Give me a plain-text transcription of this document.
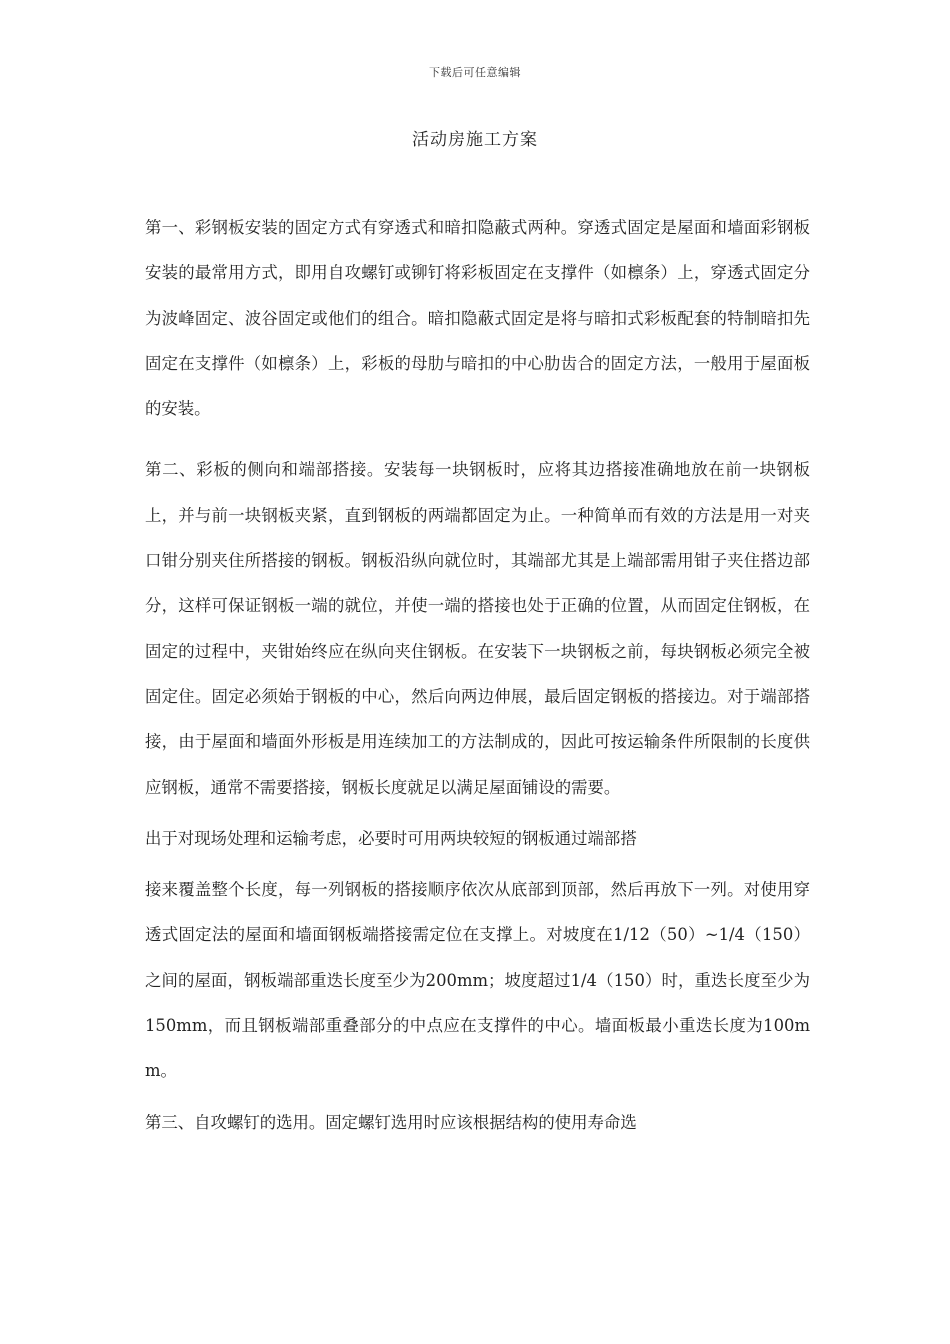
下载后可任意编辑
活动房施工方案

第一、彩钢板安装的固定方式有穿透式和暗扣隐蔽式两种。穿透式固定是屋面和墙面彩钢板安装的最常用方式，即用自攻螺钉或铆钉将彩板固定在支撑件（如檩条）上，穿透式固定分为波峰固定、波谷固定或他们的组合。暗扣隐蔽式固定是将与暗扣式彩板配套的特制暗扣先固定在支撑件（如檩条）上，彩板的母肋与暗扣的中心肋齿合的固定方法，一般用于屋面板的安装。

第二、彩板的侧向和端部搭接。安装每一块钢板时，应将其边搭接准确地放在前一块钢板上，并与前一块钢板夹紧，直到钢板的两端都固定为止。一种简单而有效的方法是用一对夹口钳分别夹住所搭接的钢板。钢板沿纵向就位时，其端部尤其是上端部需用钳子夹住搭边部分，这样可保证钢板一端的就位，并使一端的搭接也处于正确的位置，从而固定住钢板，在固定的过程中，夹钳始终应在纵向夹住钢板。在安装下一块钢板之前，每块钢板必须完全被固定住。固定必须始于钢板的中心，然后向两边伸展，最后固定钢板的搭接边。对于端部搭接，由于屋面和墙面外形板是用连续加工的方法制成的，因此可按运输条件所限制的长度供应钢板，通常不需要搭接，钢板长度就足以满足屋面铺设的需要。

出于对现场处理和运输考虑，必要时可用两块较短的钢板通过端部搭

接来覆盖整个长度，每一列钢板的搭接顺序依次从底部到顶部，然后再放下一列。对使用穿透式固定法的屋面和墙面钢板端搭接需定位在支撑上。对坡度在1/12（50）~1/4（150）之间的屋面，钢板端部重迭长度至少为200mm；坡度超过1/4（150）时，重迭长度至少为150mm，而且钢板端部重叠部分的中点应在支撑件的中心。墙面板最小重迭长度为100mm。

第三、自攻螺钉的选用。固定螺钉选用时应该根据结构的使用寿命选
